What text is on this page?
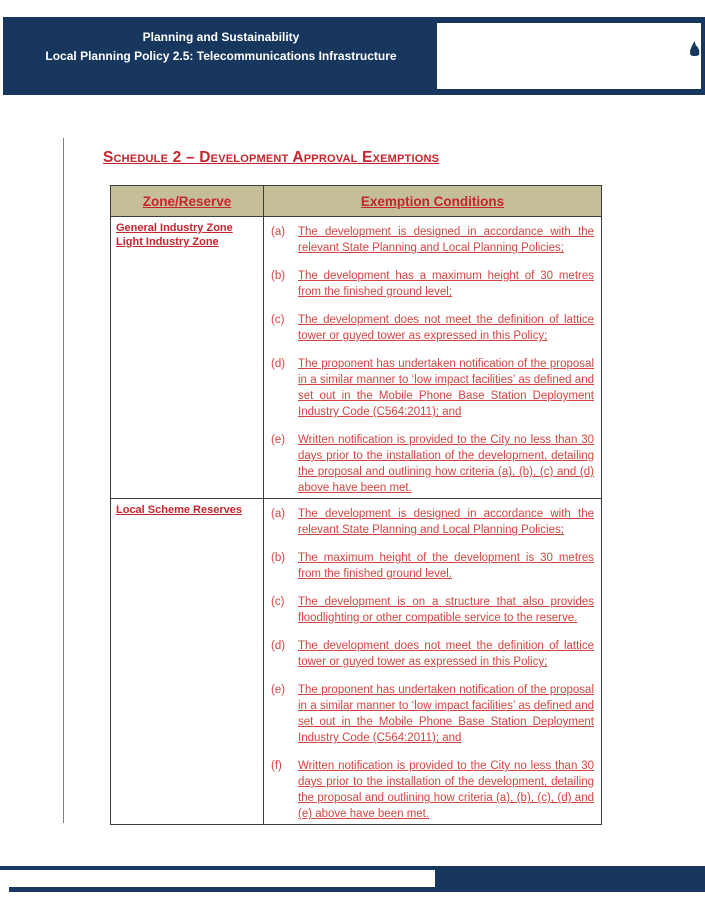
Planning and Sustainability
Local Planning Policy 2.5: Telecommunications Infrastructure
Schedule 2 – Development Approval Exemptions
Zone/Reserve	Exemption Conditions
General Industry Zone
Light Industry Zone
(a) The development is designed in accordance with the relevant State Planning and Local Planning Policies;
(b) The development has a maximum height of 30 metres from the finished ground level;
(c) The development does not meet the definition of lattice tower or guyed tower as expressed in this Policy;
(d) The proponent has undertaken notification of the proposal in a similar manner to ‘low impact facilities’ as defined and set out in the Mobile Phone Base Station Deployment Industry Code (C564:2011); and
(e) Written notification is provided to the City no less than 30 days prior to the installation of the development, detailing the proposal and outlining how criteria (a), (b), (c) and (d) above have been met.
Local Scheme Reserves	(a) The development is designed in accordance with the relevant State Planning and Local Planning Policies;
(b) The maximum height of the development is 30 metres from the finished ground level.
(c) The development is on a structure that also provides floodlighting or other compatible service to the reserve.
(d) The development does not meet the definition of lattice tower or guyed tower as expressed in this Policy;
(e) The proponent has undertaken notification of the proposal in a similar manner to ‘low impact facilities’ as defined and set out in the Mobile Phone Base Station Deployment Industry Code (C564:2011); and
(f) Written notification is provided to the City no less than 30 days prior to the installation of the development, detailing the proposal and outlining how criteria (a), (b), (c), (d) and (e) above have been met.
